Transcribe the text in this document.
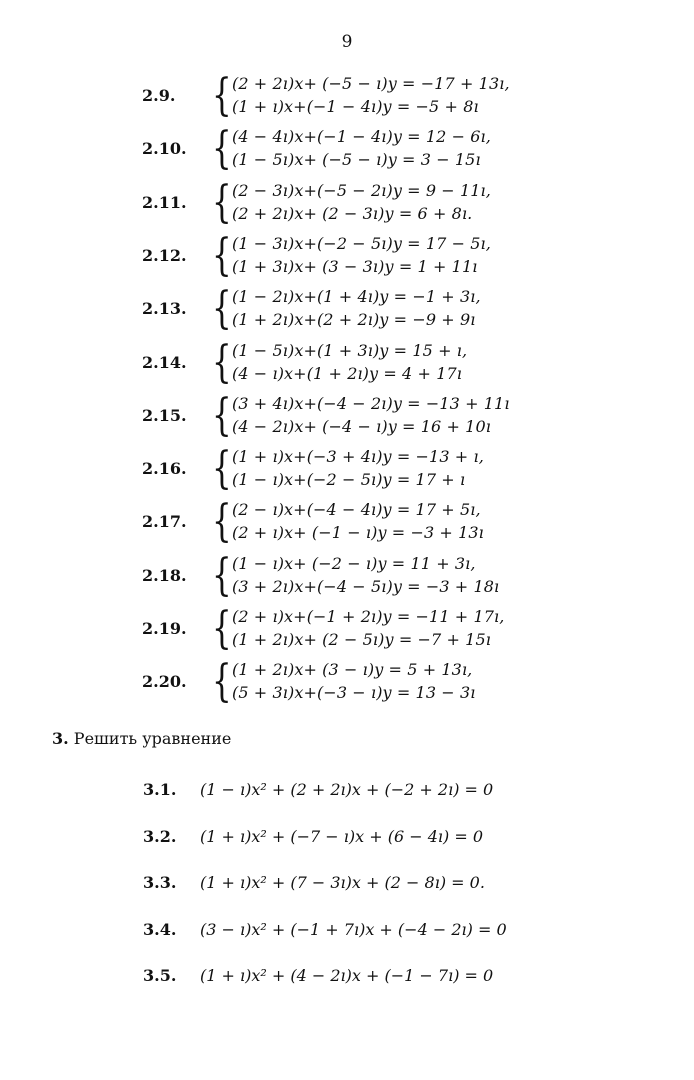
9
2.9. { (2 + 2ı)x+ (−5 − ı)y = −17 + 13ı,
(1 + ı)x+(−1 − 4ı)y = −5 + 8ı
2.10. { (4 − 4ı)x+(−1 − 4ı)y = 12 − 6ı,
(1 − 5ı)x+ (−5 − ı)y = 3 − 15ı
2.11. { (2 − 3ı)x+(−5 − 2ı)y = 9 − 11ı,
(2 + 2ı)x+ (2 − 3ı)y = 6 + 8ı.
2.12. { (1 − 3ı)x+(−2 − 5ı)y = 17 − 5ı,
(1 + 3ı)x+ (3 − 3ı)y = 1 + 11ı
2.13. { (1 − 2ı)x+(1 + 4ı)y = −1 + 3ı,
(1 + 2ı)x+(2 + 2ı)y = −9 + 9ı
2.14. { (1 − 5ı)x+(1 + 3ı)y = 15 + ı,
(4 − ı)x+(1 + 2ı)y = 4 + 17ı
2.15. { (3 + 4ı)x+(−4 − 2ı)y = −13 + 11ı
(4 − 2ı)x+ (−4 − ı)y = 16 + 10ı
2.16. { (1 + ı)x+(−3 + 4ı)y = −13 + ı,
(1 − ı)x+(−2 − 5ı)y = 17 + ı
2.17. { (2 − ı)x+(−4 − 4ı)y = 17 + 5ı,
(2 + ı)x+ (−1 − ı)y = −3 + 13ı
2.18. { (1 − ı)x+ (−2 − ı)y = 11 + 3ı,
(3 + 2ı)x+(−4 − 5ı)y = −3 + 18ı
2.19. { (2 + ı)x+(−1 + 2ı)y = −11 + 17ı,
(1 + 2ı)x+ (2 − 5ı)y = −7 + 15ı
2.20. { (1 + 2ı)x+ (3 − ı)y = 5 + 13ı,
(5 + 3ı)x+(−3 − ı)y = 13 − 3ı
3. Решить уравнение
3.1. (1 − ı)x² + (2 + 2ı)x + (−2 + 2ı) = 0
3.2. (1 + ı)x² + (−7 − ı)x + (6 − 4ı) = 0
3.3. (1 + ı)x² + (7 − 3ı)x + (2 − 8ı) = 0.
3.4. (3 − ı)x² + (−1 + 7ı)x + (−4 − 2ı) = 0
3.5. (1 + ı)x² + (4 − 2ı)x + (−1 − 7ı) = 0
